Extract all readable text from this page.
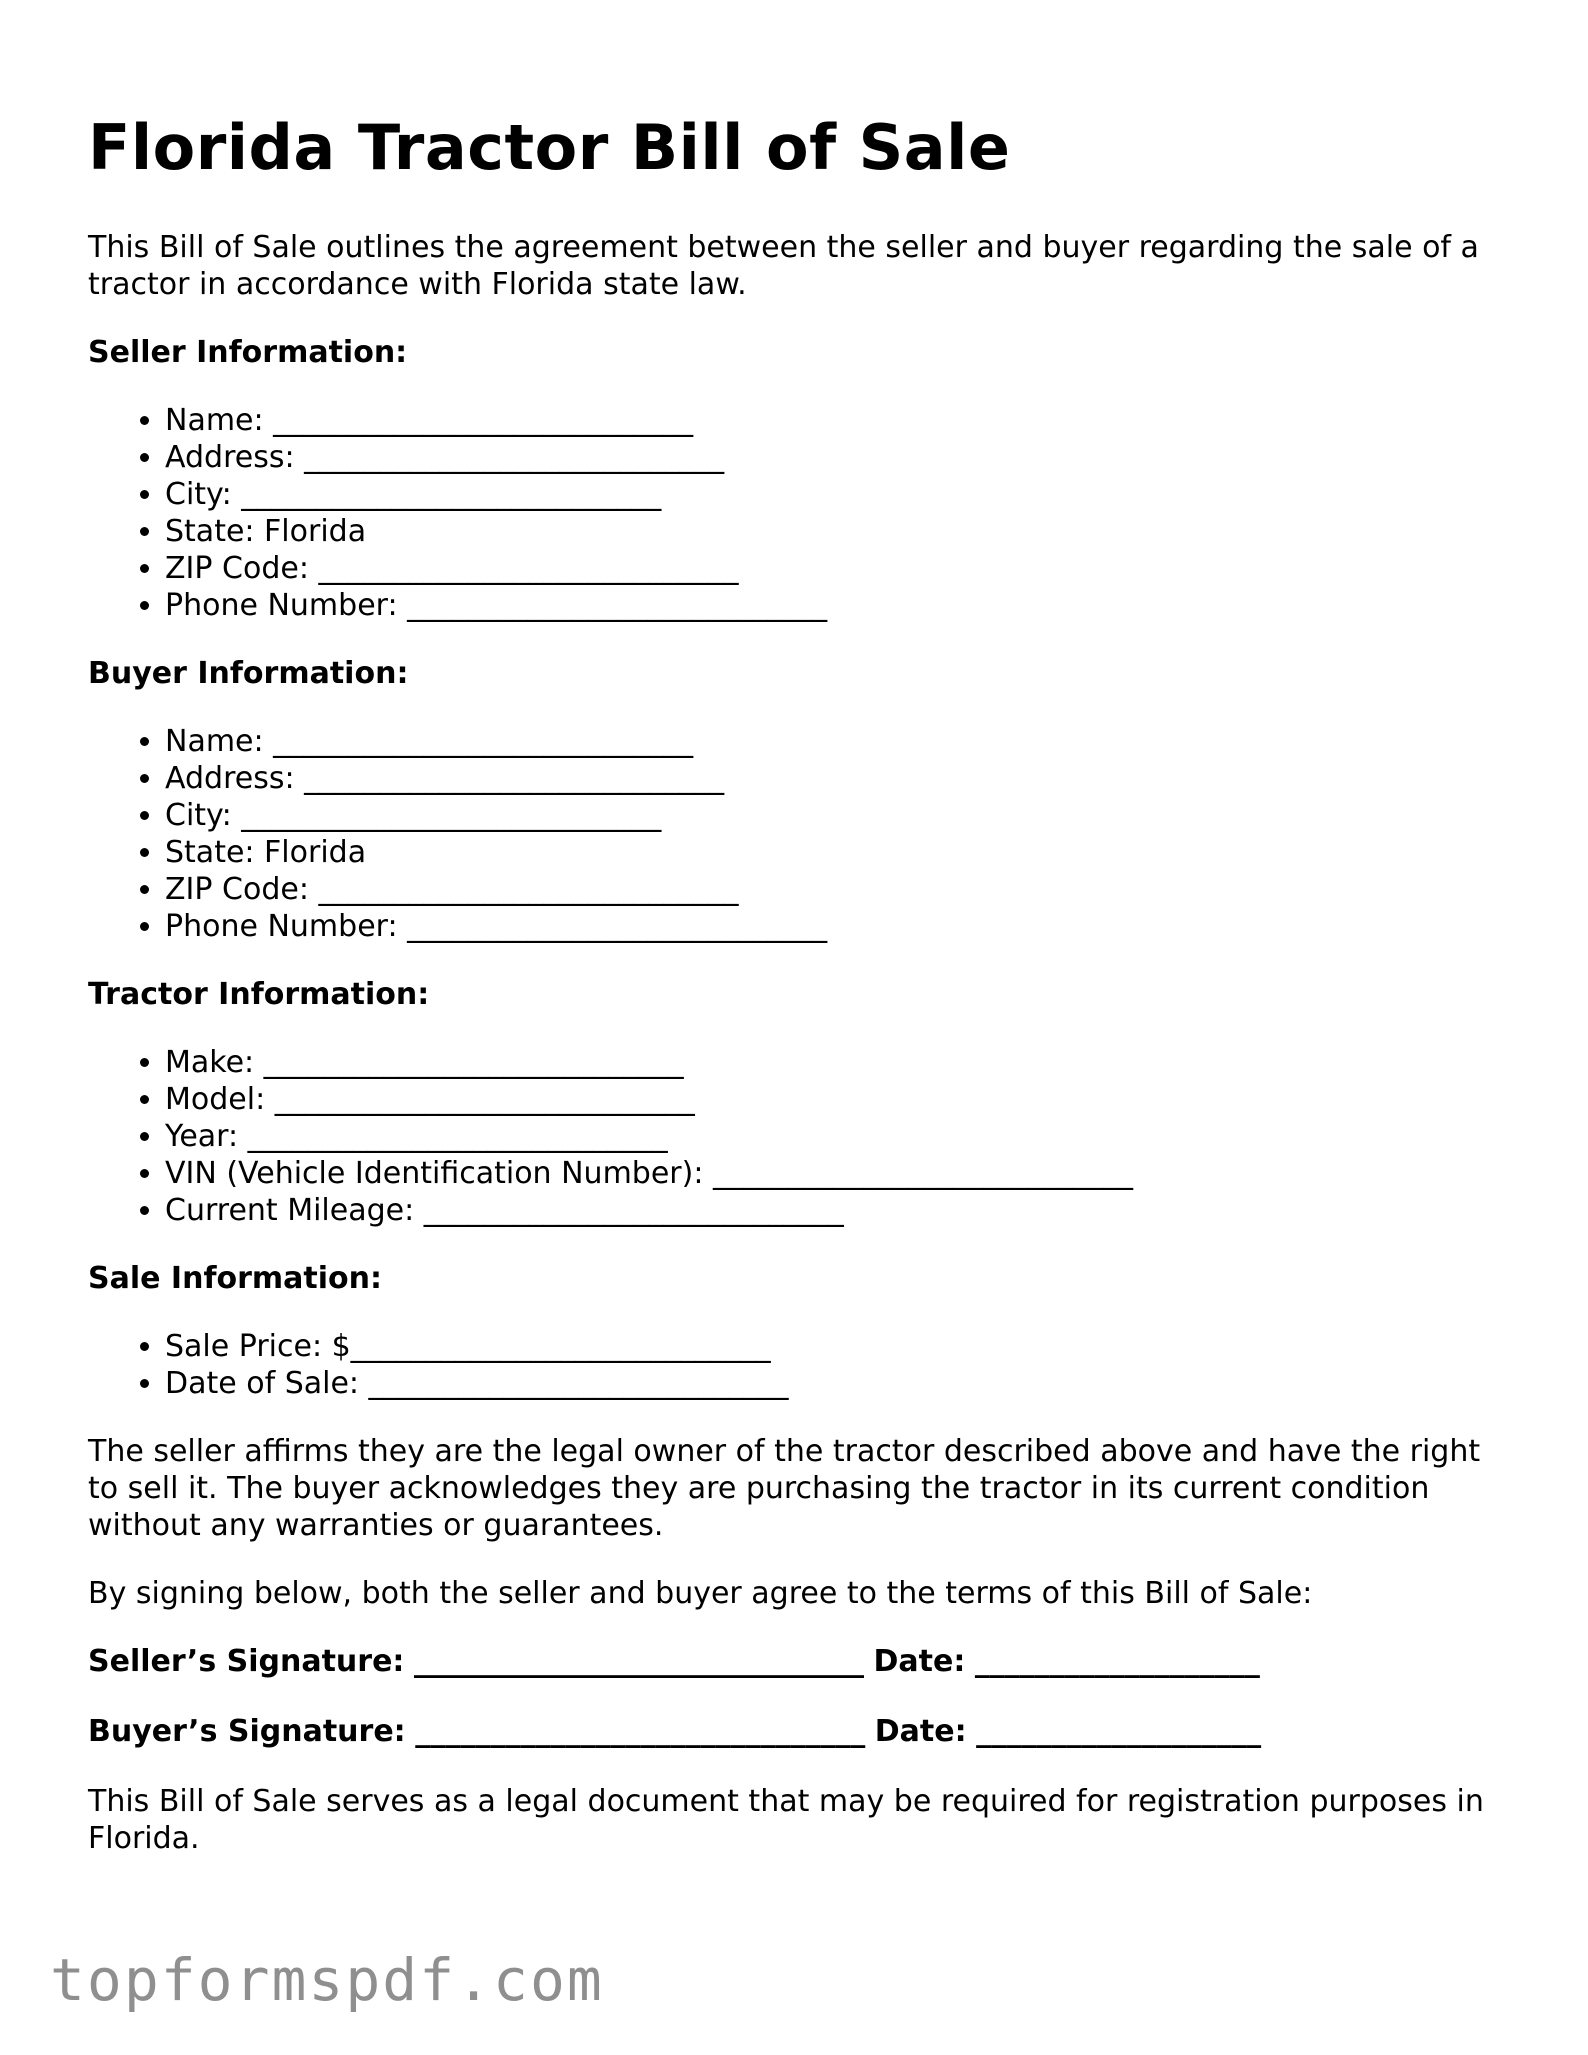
Florida Tractor Bill of Sale

This Bill of Sale outlines the agreement between the seller and buyer regarding the sale of a tractor in accordance with Florida state law.

Seller Information:
• Name: ____________________________
• Address: ____________________________
• City: ____________________________
• State: Florida
• ZIP Code: ____________________________
• Phone Number: ____________________________
Buyer Information:
• Name: ____________________________
• Address: ____________________________
• City: ____________________________
• State: Florida
• ZIP Code: ____________________________
• Phone Number: ____________________________
Tractor Information:
• Make: ____________________________
• Model: ____________________________
• Year: ____________________________
• VIN (Vehicle Identification Number): ____________________________
• Current Mileage: ____________________________
Sale Information:
• Sale Price: $____________________________
• Date of Sale: ____________________________

The seller affirms they are the legal owner of the tractor described above and have the right to sell it. The buyer acknowledges they are purchasing the tractor in its current condition without any warranties or guarantees.

By signing below, both the seller and buyer agree to the terms of this Bill of Sale:

Seller’s Signature: ______________________________ Date: ___________________
Buyer’s Signature: ______________________________ Date: ___________________

This Bill of Sale serves as a legal document that may be required for registration purposes in Florida.

topformspdf.com
